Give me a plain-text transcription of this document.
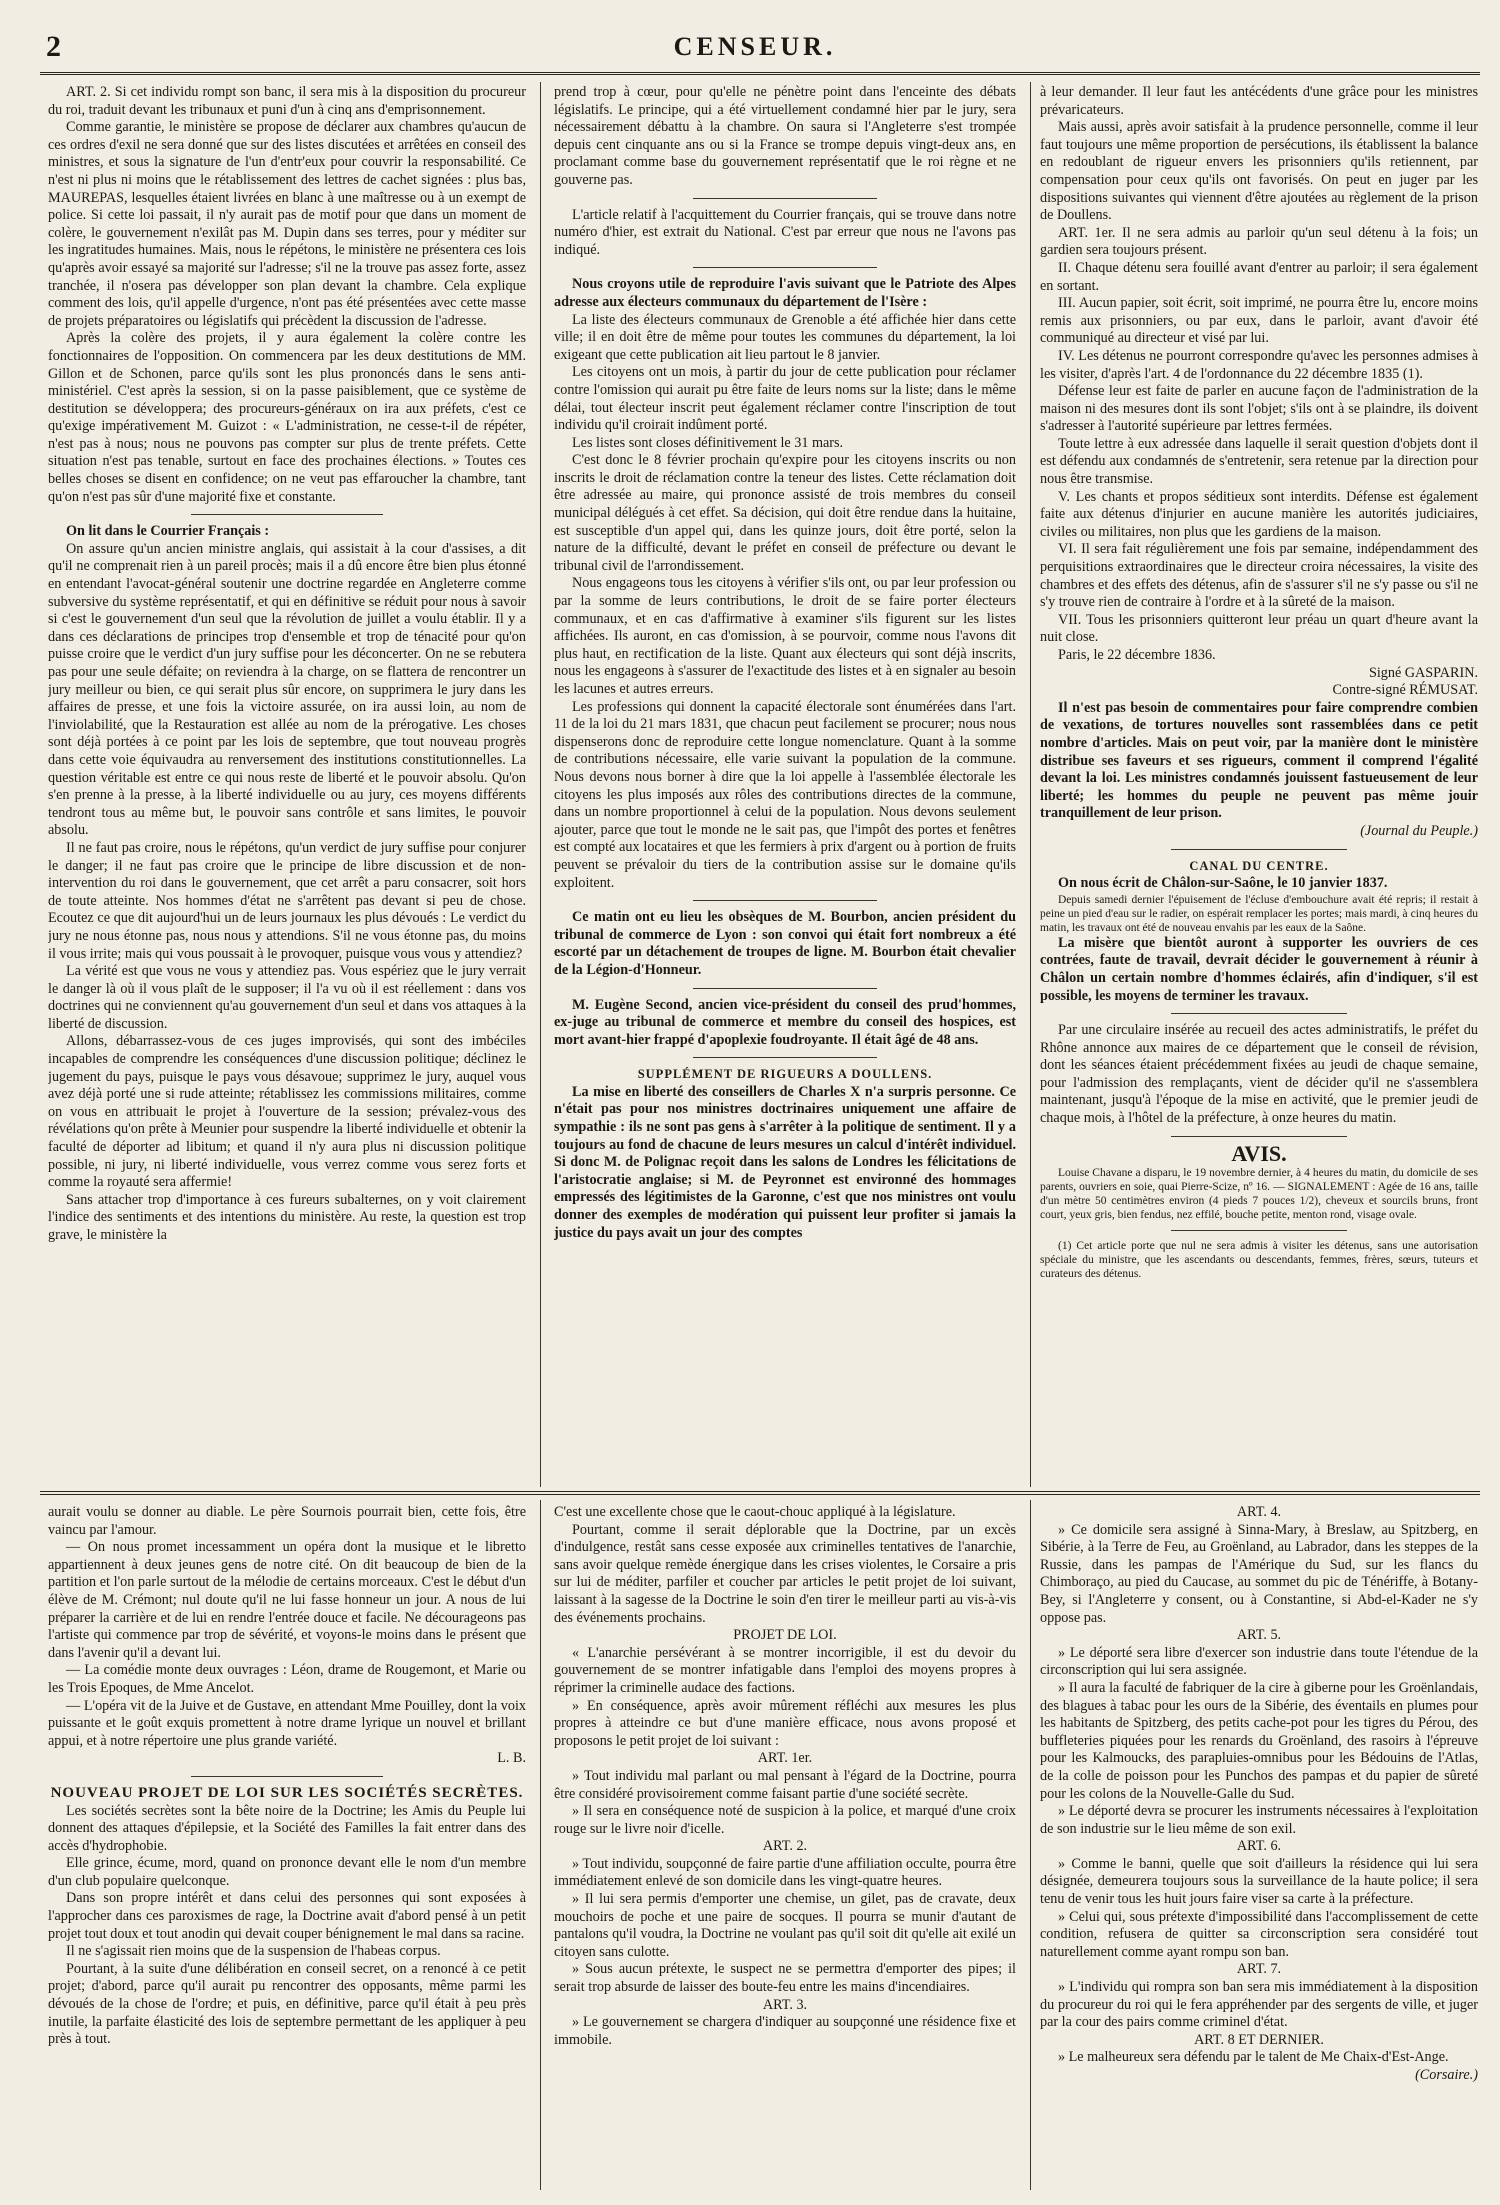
2	CENSEUR.

ART. 2. Si cet individu rompt son banc, il sera mis à la disposition du procureur du roi, traduit devant les tribunaux et puni d'un à cinq ans d'emprisonnement.

Comme garantie, le ministère se propose de déclarer aux chambres qu'aucun de ces ordres d'exil ne sera donné que sur des listes discutées et arrêtées en conseil des ministres, et sous la signature de l'un d'entr'eux pour couvrir la responsabilité. Ce n'est ni plus ni moins que le rétablissement des lettres de cachet signées : plus bas, MAUREPAS, lesquelles étaient livrées en blanc à une maîtresse ou à un exempt de police. Si cette loi passait, il n'y aurait pas de motif pour que dans un moment de colère, le gouvernement n'exilât pas M. Dupin dans ses terres, pour y méditer sur les ingratitudes humaines. Mais, nous le répétons, le ministère ne présentera ces lois qu'après avoir essayé sa majorité sur l'adresse; s'il ne la trouve pas assez forte, assez tranchée, il n'osera pas développer son plan devant la chambre. Cela explique comment des lois, qu'il appelle d'urgence, n'ont pas été présentées avec cette masse de projets préparatoires ou législatifs qui précèdent la discussion de l'adresse.

Après la colère des projets, il y aura également la colère contre les fonctionnaires de l'opposition. On commencera par les deux destitutions de MM. Gillon et de Schonen, parce qu'ils sont les plus prononcés dans le sens anti-ministériel. C'est après la session, si on la passe paisiblement, que ce système de destitution se développera; des procureurs-généraux on ira aux préfets, c'est ce qu'exige impérativement M. Guizot : « L'administration, ne cesse-t-il de répéter, n'est pas à nous; nous ne pouvons pas compter sur plus de trente préfets. Cette situation n'est pas tenable, surtout en face des prochaines élections. » Toutes ces belles choses se disent en confidence; on ne veut pas effaroucher la chambre, tant qu'on n'est pas sûr d'une majorité fixe et constante.

On lit dans le Courrier Français :

On assure qu'un ancien ministre anglais, qui assistait à la cour d'assises, a dit qu'il ne comprenait rien à un pareil procès; mais il a dû encore être bien plus étonné en entendant l'avocat-général soutenir une doctrine regardée en Angleterre comme subversive du système représentatif, et qui en définitive se réduit pour nous à savoir si c'est le gouvernement d'un seul que la révolution de juillet a voulu établir. Il y a dans ces déclarations de principes trop d'ensemble et trop de ténacité pour qu'on puisse croire que le verdict d'un jury suffise pour les déconcerter. On ne se rebutera pas pour une seule défaite; on reviendra à la charge, on se flattera de rencontrer un jury meilleur ou bien, ce qui serait plus sûr encore, on supprimera le jury dans les affaires de presse, et une fois la victoire assurée, on ira aussi loin, au nom de l'inviolabilité, que la Restauration est allée au nom de la prérogative. Les choses sont déjà portées à ce point par les lois de septembre, que tout nouveau progrès dans cette voie équivaudra au renversement des institutions constitutionnelles. La question véritable est entre ce qui nous reste de liberté et le pouvoir absolu. Qu'on s'en prenne à la presse, à la liberté individuelle ou au jury, ces moyens différents tendront tous au même but, le pouvoir sans contrôle et sans limites, le pouvoir absolu.

Il ne faut pas croire, nous le répétons, qu'un verdict de jury suffise pour conjurer le danger; il ne faut pas croire que le principe de libre discussion et de non-intervention du roi dans le gouvernement, que cet arrêt a paru consacrer, soit hors de toute atteinte. Nos hommes d'état ne s'arrêtent pas devant si peu de chose. Ecoutez ce que dit aujourd'hui un de leurs journaux les plus dévoués : Le verdict du jury ne nous étonne pas, nous nous y attendions. S'il ne vous étonne pas, du moins il vous irrite; mais qui vous poussait à le provoquer, puisque vous vous y attendiez?

La vérité est que vous ne vous y attendiez pas. Vous espériez que le jury verrait le danger là où il vous plaît de le supposer; il l'a vu où il est réellement : dans vos doctrines qui ne conviennent qu'au gouvernement d'un seul et dans vos attaques à la liberté de discussion.

Allons, débarrassez-vous de ces juges improvisés, qui sont des imbéciles incapables de comprendre les conséquences d'une discussion politique; déclinez le jugement du pays, puisque le pays vous désavoue; supprimez le jury, auquel vous avez déjà porté une si rude atteinte; rétablissez les commissions militaires, comme on vous en attribuait le projet à l'ouverture de la session; prévalez-vous des révélations qu'on prête à Meunier pour suspendre la liberté individuelle et obtenir la faculté de déporter ad libitum; et quand il n'y aura plus ni discussion politique possible, ni jury, ni liberté individuelle, vous verrez comme vous serez forts et comme la royauté sera affermie!

Sans attacher trop d'importance à ces fureurs subalternes, on y voit clairement l'indice des sentiments et des intentions du ministère. Au reste, la question est trop grave, le ministère la

prend trop à cœur, pour qu'elle ne pénètre point dans l'enceinte des débats législatifs. Le principe, qui a été virtuellement condamné hier par le jury, sera nécessairement débattu à la chambre. On saura si l'Angleterre s'est trompée depuis cent cinquante ans ou si la France se trompe depuis vingt-deux ans, en proclamant comme base du gouvernement représentatif que le roi règne et ne gouverne pas.

L'article relatif à l'acquittement du Courrier français, qui se trouve dans notre numéro d'hier, est extrait du National. C'est par erreur que nous ne l'avons pas indiqué.

Nous croyons utile de reproduire l'avis suivant que le Patriote des Alpes adresse aux électeurs communaux du département de l'Isère :

La liste des électeurs communaux de Grenoble a été affichée hier dans cette ville; il en doit être de même pour toutes les communes du département, la loi exigeant que cette publication ait lieu partout le 8 janvier.

Les citoyens ont un mois, à partir du jour de cette publication pour réclamer contre l'omission qui aurait pu être faite de leurs noms sur la liste; dans le même délai, tout électeur inscrit peut également réclamer contre l'inscription de tout individu qu'il croirait indûment porté.

Les listes sont closes définitivement le 31 mars.

C'est donc le 8 février prochain qu'expire pour les citoyens inscrits ou non inscrits le droit de réclamation contre la teneur des listes. Cette réclamation doit être adressée au maire, qui prononce assisté de trois membres du conseil municipal délégués à cet effet. Sa décision, qui doit être rendue dans la huitaine, est susceptible d'un appel qui, dans les quinze jours, doit être porté, selon la nature de la difficulté, devant le préfet en conseil de préfecture ou devant le tribunal civil de l'arrondissement.

Nous engageons tous les citoyens à vérifier s'ils ont, ou par leur profession ou par la somme de leurs contributions, le droit de se faire porter électeurs communaux, et en cas d'affirmative à examiner s'ils figurent sur les listes affichées. Ils auront, en cas d'omission, à se pourvoir, comme nous l'avons dit plus haut, en rectification de la liste. Quant aux électeurs qui sont déjà inscrits, nous les engageons à s'assurer de l'exactitude des listes et à en signaler au besoin les lacunes et autres erreurs.

Les professions qui donnent la capacité électorale sont énumérées dans l'art. 11 de la loi du 21 mars 1831, que chacun peut facilement se procurer; nous nous dispenserons donc de reproduire cette longue nomenclature. Quant à la somme de contributions nécessaire, elle varie suivant la population de la commune. Nous devons nous borner à dire que la loi appelle à l'assemblée électorale les citoyens les plus imposés aux rôles des contributions directes de la commune, dans un nombre proportionnel à celui de la population. Nous devons seulement ajouter, parce que tout le monde ne le sait pas, que l'impôt des portes et fenêtres est compté aux locataires et que les fermiers à prix d'argent ou à portion de fruits peuvent se prévaloir du tiers de la contribution assise sur le domaine qu'ils exploitent.

Ce matin ont eu lieu les obsèques de M. Bourbon, ancien président du tribunal de commerce de Lyon : son convoi qui était fort nombreux a été escorté par un détachement de troupes de ligne. M. Bourbon était chevalier de la Légion-d'Honneur.

M. Eugène Second, ancien vice-président du conseil des prud'hommes, ex-juge au tribunal de commerce et membre du conseil des hospices, est mort avant-hier frappé d'apoplexie foudroyante. Il était âgé de 48 ans.

SUPPLÉMENT DE RIGUEURS A DOULLENS.

La mise en liberté des conseillers de Charles X n'a surpris personne. Ce n'était pas pour nos ministres doctrinaires uniquement une affaire de sympathie : ils ne sont pas gens à s'arrêter à la politique de sentiment. Il y a toujours au fond de chacune de leurs mesures un calcul d'intérêt individuel. Si donc M. de Polignac reçoit dans les salons de Londres les félicitations de l'aristocratie anglaise; si M. de Peyronnet est environné des hommages empressés des légitimistes de la Garonne, c'est que nos ministres ont voulu donner des exemples de modération qui puissent leur profiter si jamais la justice du pays avait un jour des comptes

à leur demander. Il leur faut les antécédents d'une grâce pour les ministres prévaricateurs.

Mais aussi, après avoir satisfait à la prudence personnelle, comme il leur faut toujours une même proportion de persécutions, ils établissent la balance en redoublant de rigueur envers les prisonniers qu'ils retiennent, par compensation pour ceux qu'ils ont favorisés. On peut en juger par les dispositions suivantes qui viennent d'être ajoutées au règlement de la prison de Doullens.

ART. 1er. Il ne sera admis au parloir qu'un seul détenu à la fois; un gardien sera toujours présent.

II. Chaque détenu sera fouillé avant d'entrer au parloir; il sera également en sortant.

III. Aucun papier, soit écrit, soit imprimé, ne pourra être lu, encore moins remis aux prisonniers, ou par eux, dans le parloir, avant d'avoir été communiqué au directeur et visé par lui.

IV. Les détenus ne pourront correspondre qu'avec les personnes admises à les visiter, d'après l'art. 4 de l'ordonnance du 22 décembre 1835 (1).

Défense leur est faite de parler en aucune façon de l'administration de la maison ni des mesures dont ils sont l'objet; s'ils ont à se plaindre, ils doivent s'adresser à l'autorité supérieure par lettres fermées.

Toute lettre à eux adressée dans laquelle il serait question d'objets dont il est défendu aux condamnés de s'entretenir, sera retenue par la direction pour nous être transmise.

V. Les chants et propos séditieux sont interdits. Défense est également faite aux détenus d'injurier en aucune manière les autorités judiciaires, civiles ou militaires, non plus que les gardiens de la maison.

VI. Il sera fait régulièrement une fois par semaine, indépendamment des perquisitions extraordinaires que le directeur croira nécessaires, la visite des chambres et des effets des détenus, afin de s'assurer s'il ne s'y passe ou s'il ne s'y trouve rien de contraire à l'ordre et à la sûreté de la maison.

VII. Tous les prisonniers quitteront leur préau un quart d'heure avant la nuit close.

Paris, le 22 décembre 1836.

Signé GASPARIN.

Contre-signé RÉMUSAT.

Il n'est pas besoin de commentaires pour faire comprendre combien de vexations, de tortures nouvelles sont rassemblées dans ce petit nombre d'articles. Mais on peut voir, par la manière dont le ministère distribue ses faveurs et ses rigueurs, comment il comprend l'égalité devant la loi. Les ministres condamnés jouissent fastueusement de leur liberté; les hommes du peuple ne peuvent pas même jouir tranquillement de leur prison.

(Journal du Peuple.)

CANAL DU CENTRE.

On nous écrit de Châlon-sur-Saône, le 10 janvier 1837.

Depuis samedi dernier l'épuisement de l'écluse d'embouchure avait été repris; il restait à peine un pied d'eau sur le radier, on espérait remplacer les portes; mais mardi, à cinq heures du matin, les travaux ont été de nouveau envahis par les eaux de la Saône.

La misère que bientôt auront à supporter les ouvriers de ces contrées, faute de travail, devrait décider le gouvernement à réunir à Châlon un certain nombre d'hommes éclairés, afin d'indiquer, s'il est possible, les moyens de terminer les travaux.

Par une circulaire insérée au recueil des actes administratifs, le préfet du Rhône annonce aux maires de ce département que le conseil de révision, dont les séances étaient précédemment fixées au jeudi de chaque semaine, pour l'admission des remplaçants, vient de décider qu'il ne s'assemblera maintenant, jusqu'à l'époque de la mise en activité, que le premier jeudi de chaque mois, à l'hôtel de la préfecture, à onze heures du matin.

AVIS.

Louise Chavane a disparu, le 19 novembre dernier, à 4 heures du matin, du domicile de ses parents, ouvriers en soie, quai Pierre-Scize, nº 16. — SIGNALEMENT : Agée de 16 ans, taille d'un mètre 50 centimètres environ (4 pieds 7 pouces 1/2), cheveux et sourcils bruns, front court, yeux gris, bien fendus, nez effilé, bouche petite, menton rond, visage ovale.

(1) Cet article porte que nul ne sera admis à visiter les détenus, sans une autorisation spéciale du ministre, que les ascendants ou descendants, femmes, frères, sœurs, tuteurs et curateurs des détenus.

aurait voulu se donner au diable. Le père Sournois pourrait bien, cette fois, être vaincu par l'amour.

— On nous promet incessamment un opéra dont la musique et le libretto appartiennent à deux jeunes gens de notre cité. On dit beaucoup de bien de la partition et l'on parle surtout de la mélodie de certains morceaux. C'est le début d'un élève de M. Crémont; nul doute qu'il ne lui fasse honneur un jour. A nous de lui préparer la carrière et de lui en rendre l'entrée douce et facile. Ne décourageons pas l'artiste qui commence par trop de sévérité, et voyons-le moins dans le présent que dans l'avenir qu'il a devant lui.

— La comédie monte deux ouvrages : Léon, drame de Rougemont, et Marie ou les Trois Epoques, de Mme Ancelot.

— L'opéra vit de la Juive et de Gustave, en attendant Mme Pouilley, dont la voix puissante et le goût exquis promettent à notre drame lyrique un nouvel et brillant appui, et à notre répertoire une plus grande variété.

L. B.

NOUVEAU PROJET DE LOI SUR LES SOCIÉTÉS SECRÈTES.

Les sociétés secrètes sont la bête noire de la Doctrine; les Amis du Peuple lui donnent des attaques d'épilepsie, et la Société des Familles la fait entrer dans des accès d'hydrophobie.

Elle grince, écume, mord, quand on prononce devant elle le nom d'un membre d'un club populaire quelconque.

Dans son propre intérêt et dans celui des personnes qui sont exposées à l'approcher dans ces paroxismes de rage, la Doctrine avait d'abord pensé à un petit projet tout doux et tout anodin qui devait couper bénignement le mal dans sa racine.

Il ne s'agissait rien moins que de la suspension de l'habeas corpus.

Pourtant, à la suite d'une délibération en conseil secret, on a renoncé à ce petit projet; d'abord, parce qu'il aurait pu rencontrer des opposants, même parmi les dévoués de la chose de l'ordre; et puis, en définitive, parce qu'il était à peu près inutile, la parfaite élasticité des lois de septembre permettant de les appliquer à peu près à tout.

C'est une excellente chose que le caout-chouc appliqué à la législature.

Pourtant, comme il serait déplorable que la Doctrine, par un excès d'indulgence, restât sans cesse exposée aux criminelles tentatives de l'anarchie, sans avoir quelque remède énergique dans les crises violentes, le Corsaire a pris sur lui de méditer, parfiler et coucher par articles le petit projet de loi suivant, laissant à la sagesse de la Doctrine le soin d'en tirer le meilleur parti au vis-à-vis des événements prochains.

PROJET DE LOI.

« L'anarchie persévérant à se montrer incorrigible, il est du devoir du gouvernement de se montrer infatigable dans l'emploi des moyens propres à réprimer la criminelle audace des factions.

» En conséquence, après avoir mûrement réfléchi aux mesures les plus propres à atteindre ce but d'une manière efficace, nous avons proposé et proposons le petit projet de loi suivant :

ART. 1er.

» Tout individu mal parlant ou mal pensant à l'égard de la Doctrine, pourra être considéré provisoirement comme faisant partie d'une société secrète.

» Il sera en conséquence noté de suspicion à la police, et marqué d'une croix rouge sur le livre noir d'icelle.

ART. 2.

» Tout individu, soupçonné de faire partie d'une affiliation occulte, pourra être immédiatement enlevé de son domicile dans les vingt-quatre heures.

» Il lui sera permis d'emporter une chemise, un gilet, pas de cravate, deux mouchoirs de poche et une paire de socques. Il pourra se munir d'autant de pantalons qu'il voudra, la Doctrine ne voulant pas qu'il soit dit qu'elle ait exilé un citoyen sans culotte.

» Sous aucun prétexte, le suspect ne se permettra d'emporter des pipes; il serait trop absurde de laisser des boute-feu entre les mains d'incendiaires.

ART. 3.

» Le gouvernement se chargera d'indiquer au soupçonné une résidence fixe et immobile.

ART. 4.

» Ce domicile sera assigné à Sinna-Mary, à Breslaw, au Spitzberg, en Sibérie, à la Terre de Feu, au Groënland, au Labrador, dans les steppes de la Russie, dans les pampas de l'Amérique du Sud, sur les flancs du Chimboraço, au pied du Caucase, au sommet du pic de Ténériffe, à Botany-Bey, si l'Angleterre y consent, ou à Constantine, si Abd-el-Kader ne s'y oppose pas.

ART. 5.

» Le déporté sera libre d'exercer son industrie dans toute l'étendue de la circonscription qui lui sera assignée.

» Il aura la faculté de fabriquer de la cire à giberne pour les Groënlandais, des blagues à tabac pour les ours de la Sibérie, des éventails en plumes pour les habitants de Spitzberg, des petits cache-pot pour les tigres du Pérou, des buffleteries piquées pour les renards du Groënland, des rasoirs à l'épreuve pour les Kalmoucks, des parapluies-omnibus pour les Bédouins de l'Atlas, de la colle de poisson pour les Punchos des pampas et du papier de sûreté pour les colons de la Nouvelle-Galle du Sud.

» Le déporté devra se procurer les instruments nécessaires à l'exploitation de son industrie sur le lieu même de son exil.

ART. 6.

» Comme le banni, quelle que soit d'ailleurs la résidence qui lui sera désignée, demeurera toujours sous la surveillance de la haute police; il sera tenu de venir tous les huit jours faire viser sa carte à la préfecture.

» Celui qui, sous prétexte d'impossibilité dans l'accomplissement de cette condition, refusera de quitter sa circonscription sera considéré tout naturellement comme ayant rompu son ban.

ART. 7.

» L'individu qui rompra son ban sera mis immédiatement à la disposition du procureur du roi qui le fera appréhender par des sergents de ville, et juger par la cour des pairs comme criminel d'état.

ART. 8 ET DERNIER.

» Le malheureux sera défendu par le talent de Me Chaix-d'Est-Ange.

(Corsaire.)
